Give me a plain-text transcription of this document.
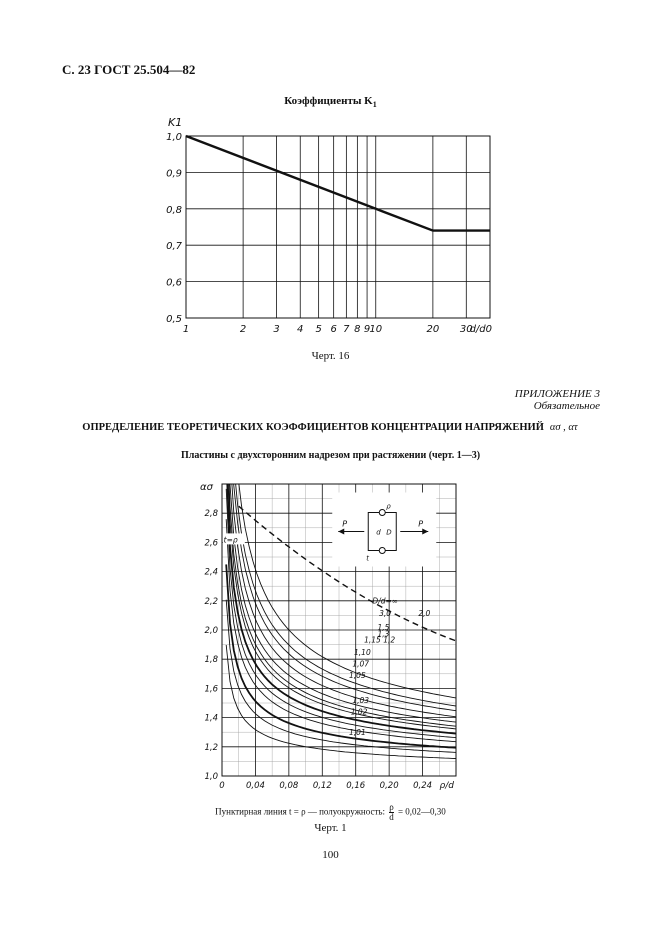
С. 23 ГОСТ 25.504—82
Коэффициенты $K_1$
1	2	3 4 5 6 7 8 9 10	20 30
1,0
0,9
0,8
0,7
0,6
0,5
K1
d/d0
Черт. 16
ПРИЛОЖЕНИЕ 3
Обязательное
ОПРЕДЕЛЕНИЕ ТЕОРЕТИЧЕСКИХ КОЭФФИЦИЕНТОВ КОНЦЕНТРАЦИИ НАПРЯЖЕНИЙ ασ , ατ
Пластины с двухсторонним надрезом при растяжении (черт. 1—3)
0 0,04 0,08 0,12 0,16 0,20 0,24
1,0
1,2
1,4
1,6
1,8
2,0
2,2
2,4
2,6
2,8
ασ
ρ/d
D/d=∞
3,0	2,0
1,5
1,3
1,2
1,15
1,10
1,07
1,05
1,03
1,02
1,01
t=ρ
P	P
t
ρ
d D
Пунктирная линия t = ρ — полуокружность: $\frac{\rho}{d}$ = 0,02—0,30
Черт. 1
100
